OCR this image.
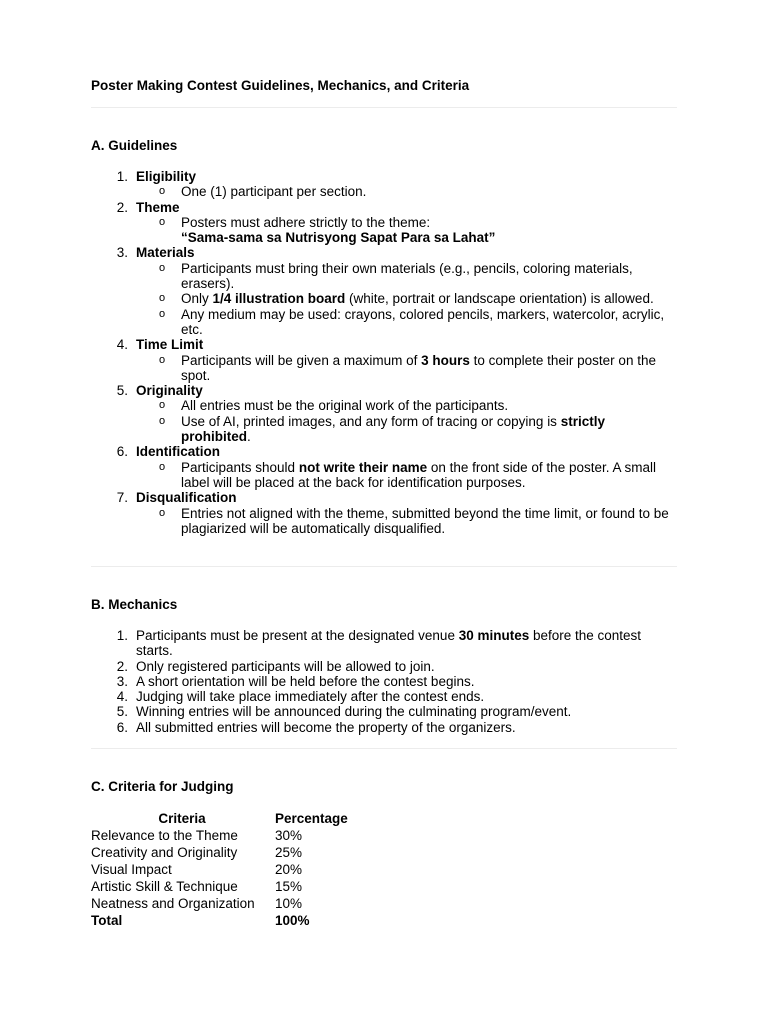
Poster Making Contest Guidelines, Mechanics, and Criteria
A. Guidelines
1. Eligibility
o One (1) participant per section.
2. Theme
o Posters must adhere strictly to the theme:
“Sama-sama sa Nutrisyong Sapat Para sa Lahat”
3. Materials
o Participants must bring their own materials (e.g., pencils, coloring materials, erasers).
o Only 1/4 illustration board (white, portrait or landscape orientation) is allowed.
o Any medium may be used: crayons, colored pencils, markers, watercolor, acrylic, etc.
4. Time Limit
o Participants will be given a maximum of 3 hours to complete their poster on the spot.
5. Originality
o All entries must be the original work of the participants.
o Use of AI, printed images, and any form of tracing or copying is strictly prohibited.
6. Identification
o Participants should not write their name on the front side of the poster. A small label will be placed at the back for identification purposes.
7. Disqualification
o Entries not aligned with the theme, submitted beyond the time limit, or found to be plagiarized will be automatically disqualified.
B. Mechanics
1. Participants must be present at the designated venue 30 minutes before the contest starts.
2. Only registered participants will be allowed to join.
3. A short orientation will be held before the contest begins.
4. Judging will take place immediately after the contest ends.
5. Winning entries will be announced during the culminating program/event.
6. All submitted entries will become the property of the organizers.
C. Criteria for Judging
Criteria	Percentage
Relevance to the Theme	30%
Creativity and Originality	25%
Visual Impact	20%
Artistic Skill & Technique	15%
Neatness and Organization	10%
Total	100%
